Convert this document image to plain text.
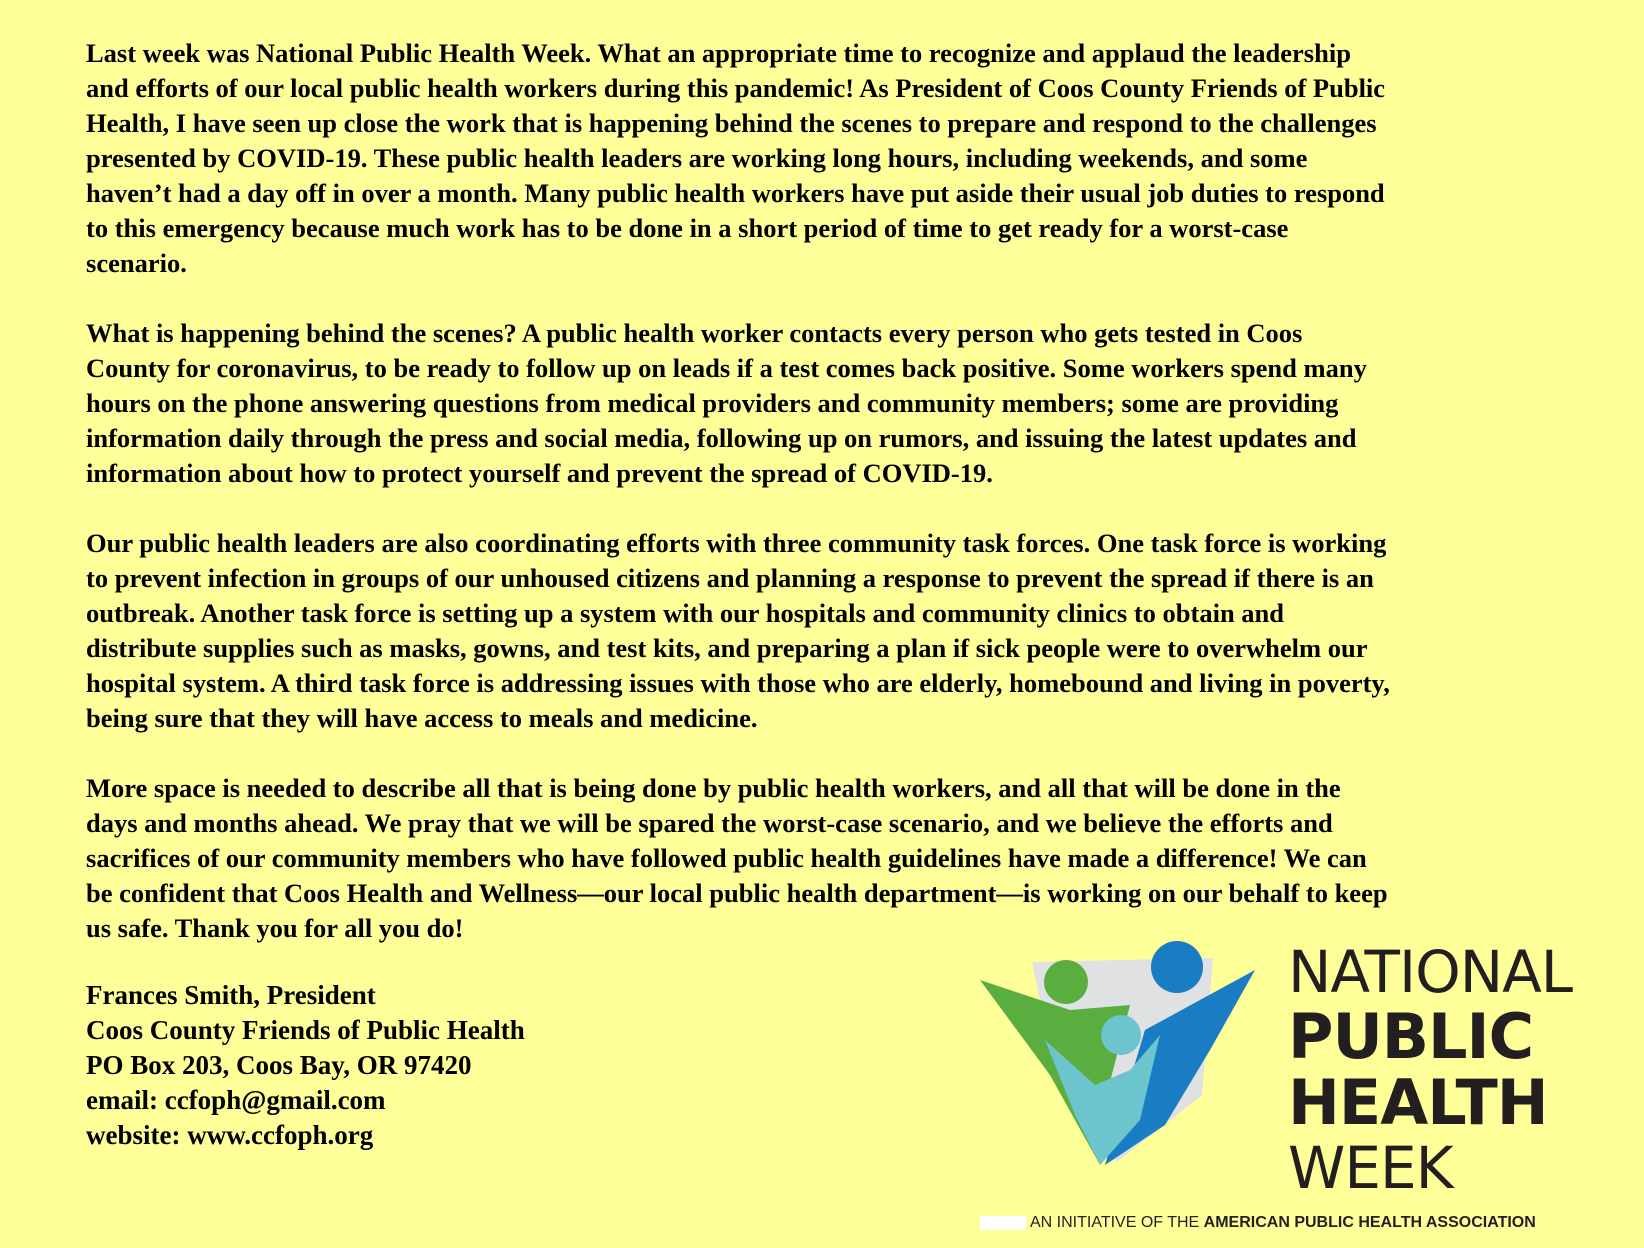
Last week was National Public Health Week. What an appropriate time to recognize and applaud the leadership
and efforts of our local public health workers during this pandemic! As President of Coos County Friends of Public
Health, I have seen up close the work that is happening behind the scenes to prepare and respond to the challenges
presented by COVID-19. These public health leaders are working long hours, including weekends, and some
haven’t had a day off in over a month. Many public health workers have put aside their usual job duties to respond
to this emergency because much work has to be done in a short period of time to get ready for a worst-case
scenario.

What is happening behind the scenes? A public health worker contacts every person who gets tested in Coos
County for coronavirus, to be ready to follow up on leads if a test comes back positive. Some workers spend many
hours on the phone answering questions from medical providers and community members; some are providing
information daily through the press and social media, following up on rumors, and issuing the latest updates and
information about how to protect yourself and prevent the spread of COVID-19.

Our public health leaders are also coordinating efforts with three community task forces. One task force is working
to prevent infection in groups of our unhoused citizens and planning a response to prevent the spread if there is an
outbreak. Another task force is setting up a system with our hospitals and community clinics to obtain and
distribute supplies such as masks, gowns, and test kits, and preparing a plan if sick people were to overwhelm our
hospital system. A third task force is addressing issues with those who are elderly, homebound and living in poverty,
being sure that they will have access to meals and medicine.

More space is needed to describe all that is being done by public health workers, and all that will be done in the
days and months ahead. We pray that we will be spared the worst-case scenario, and we believe the efforts and
sacrifices of our community members who have followed public health guidelines have made a difference! We can
be confident that Coos Health and Wellness—our local public health department—is working on our behalf to keep
us safe. Thank you for all you do!

Frances Smith, President
Coos County Friends of Public Health
PO Box 203, Coos Bay, OR 97420
email: ccfoph@gmail.com
website: www.ccfoph.org
NATIONAL
PUBLIC
HEALTH
WEEK
AN INITIATIVE OF THE AMERICAN PUBLIC HEALTH ASSOCIATION
